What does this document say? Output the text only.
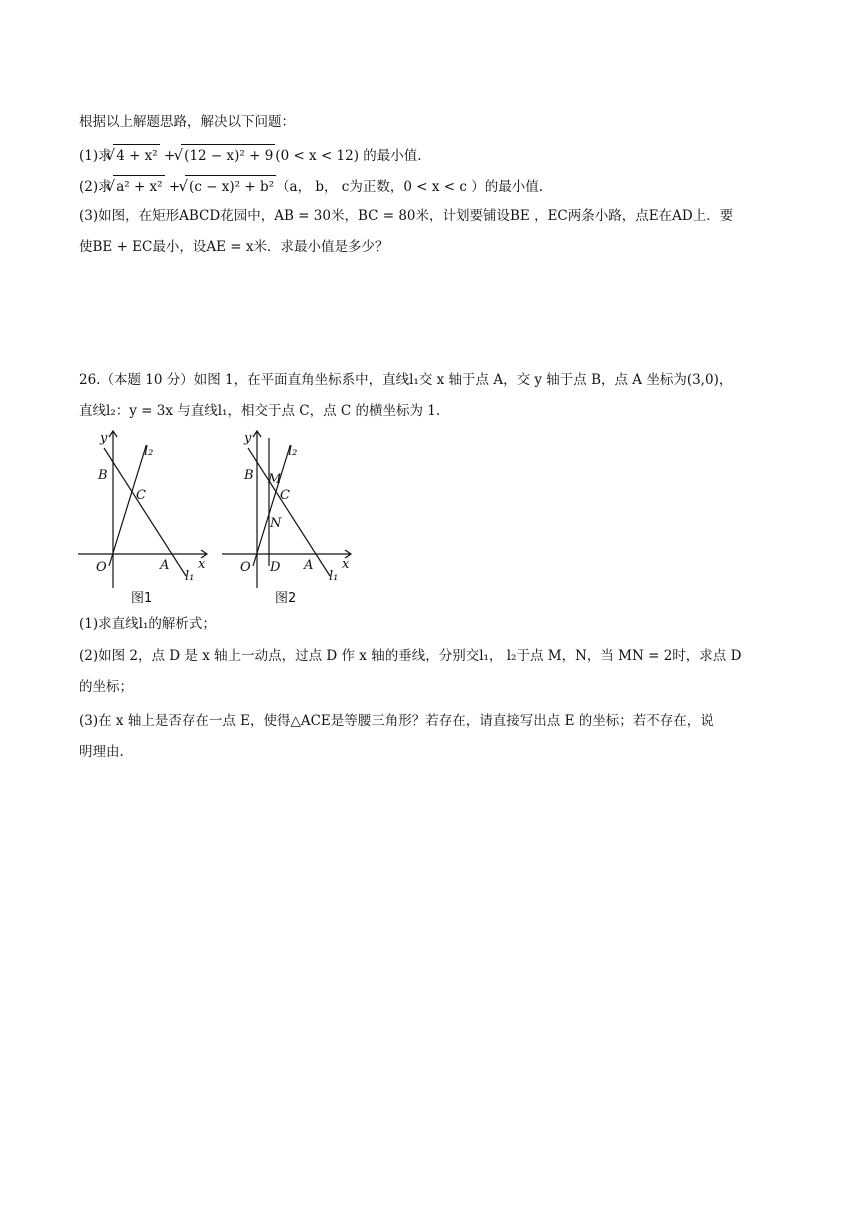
根据以上解题思路，解决以下问题：
(1)求 √ 4 + x² + √ (12 − x)² + 9 (0 < x < 12) 的最小值.
(2)求 √ a² + x² + √ (c − x)² + b² （a， b， c为正数，0 < x < c ）的最小值.
(3)如图，在矩形ABCD花园中，AB = 30米，BC = 80米，计划要铺设BE ，EC两条小路，点E在AD上．要
使BE + EC最小，设AE = x米．求最小值是多少？
26.（本题 10 分）如图 1，在平面直角坐标系中，直线l₁交 x 轴于点 A，交 y 轴于点 B，点 A 坐标为(3,0)，
直线l₂：y = 3x 与直线l₁，相交于点 C，点 C 的横坐标为 1.
y
l₂
B
C
O	A x
l₁
图1
y
l₂
B M
C
N
O D A x
l₁
图2
(1)求直线l₁的解析式；
(2)如图 2，点 D 是 x 轴上一动点，过点 D 作 x 轴的垂线，分别交l₁， l₂于点 M，N，当 MN = 2时，求点 D
的坐标；
(3)在 x 轴上是否存在一点 E，使得△ACE是等腰三角形？若存在，请直接写出点 E 的坐标；若不存在，说
明理由.
